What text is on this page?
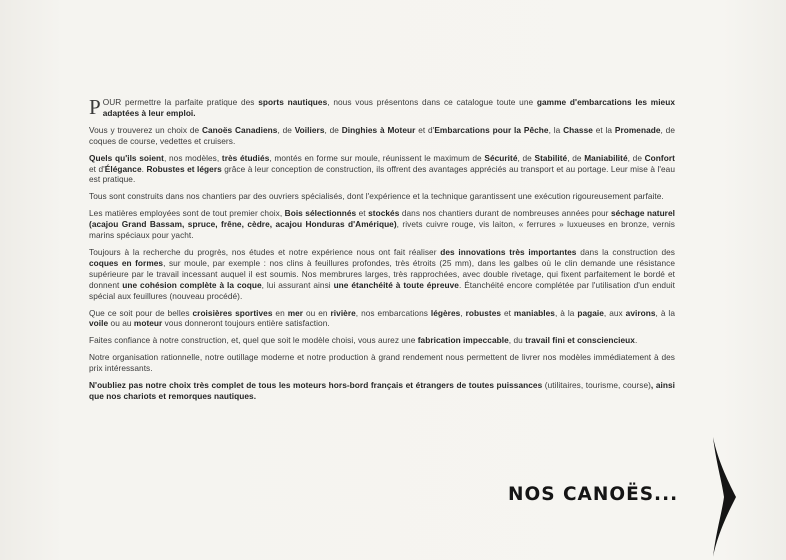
POUR permettre la parfaite pratique des sports nautiques, nous vous présentons dans ce catalogue toute une gamme d'embarcations les mieux adaptées à leur emploi.

Vous y trouverez un choix de Canoës Canadiens, de Voiliers, de Dinghies à Moteur et d'Embarcations pour la Pêche, la Chasse et la Promenade, de coques de course, vedettes et cruisers.

Quels qu'ils soient, nos modèles, très étudiés, montés en forme sur moule, réunissent le maximum de Sécurité, de Stabilité, de Maniabilité, de Confort et d'Élégance. Robustes et légers grâce à leur conception de construction, ils offrent des avantages appréciés au transport et au portage. Leur mise à l'eau est pratique.

Tous sont construits dans nos chantiers par des ouvriers spécialisés, dont l'expérience et la technique garantissent une exécution rigoureusement parfaite.

Les matières employées sont de tout premier choix, Bois sélectionnés et stockés dans nos chantiers durant de nombreuses années pour séchage naturel (acajou Grand Bassam, spruce, frêne, cèdre, acajou Honduras d'Amérique), rivets cuivre rouge, vis laiton, « ferrures » luxueuses en bronze, vernis marins spéciaux pour yacht.

Toujours à la recherche du progrès, nos études et notre expérience nous ont fait réaliser des innovations très importantes dans la construction des coques en formes, sur moule, par exemple : nos clins à feuillures profondes, très étroits (25 mm), dans les galbes où le clin demande une résistance supérieure par le travail incessant auquel il est soumis. Nos membrures larges, très rapprochées, avec double rivetage, qui fixent parfaitement le bordé et donnent une cohésion complète à la coque, lui assurant ainsi une étanchéité à toute épreuve. Étanchéité encore complétée par l'utilisation d'un enduit spécial aux feuillures (nouveau procédé).

Que ce soit pour de belles croisières sportives en mer ou en rivière, nos embarcations légères, robustes et maniables, à la pagaie, aux avirons, à la voile ou au moteur vous donneront toujours entière satisfaction.

Faites confiance à notre construction, et, quel que soit le modèle choisi, vous aurez une fabrication impeccable, du travail fini et consciencieux.

Notre organisation rationnelle, notre outillage moderne et notre production à grand rendement nous permettent de livrer nos modèles immédiatement à des prix intéressants.

N'oubliez pas notre choix très complet de tous les moteurs hors-bord français et étrangers de toutes puissances (utilitaires, tourisme, course), ainsi que nos chariots et remorques nautiques.

NOS CANOËS...
